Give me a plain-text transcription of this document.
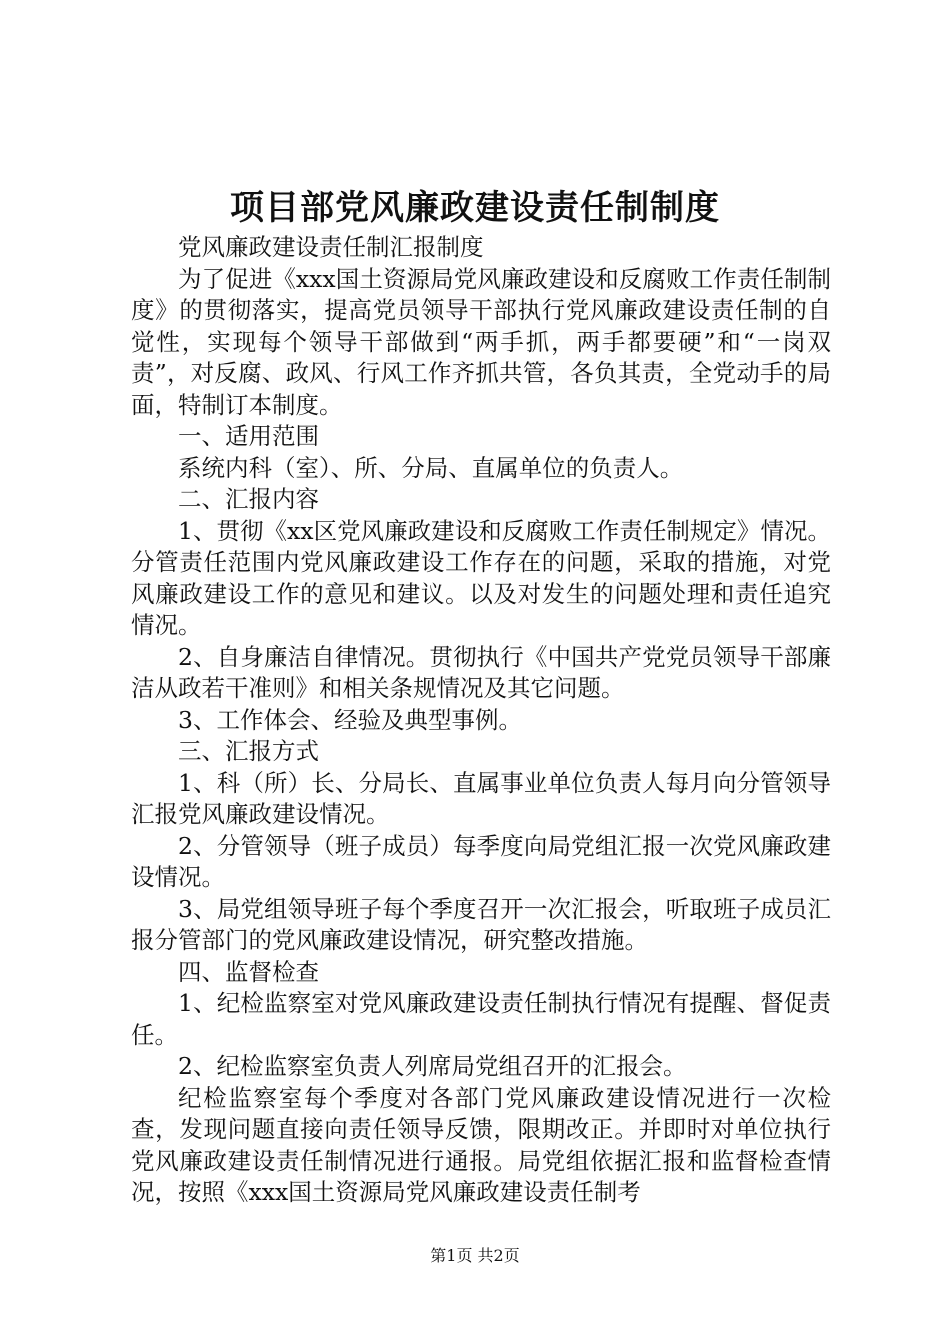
项目部党风廉政建设责任制制度

党风廉政建设责任制汇报制度

为了促进《xxx国土资源局党风廉政建设和反腐败工作责任制制度》的贯彻落实，提高党员领导干部执行党风廉政建设责任制的自觉性，实现每个领导干部做到“两手抓，两手都要硬”和“一岗双责”，对反腐、政风、行风工作齐抓共管，各负其责，全党动手的局面，特制订本制度。

一、适用范围

系统内科（室）、所、分局、直属单位的负责人。

二、汇报内容

1、贯彻《xx区党风廉政建设和反腐败工作责任制规定》情况。分管责任范围内党风廉政建设工作存在的问题，采取的措施，对党风廉政建设工作的意见和建议。以及对发生的问题处理和责任追究情况。

2、自身廉洁自律情况。贯彻执行《中国共产党党员领导干部廉洁从政若干准则》和相关条规情况及其它问题。

3、工作体会、经验及典型事例。

三、汇报方式

1、科（所）长、分局长、直属事业单位负责人每月向分管领导汇报党风廉政建设情况。

2、分管领导（班子成员）每季度向局党组汇报一次党风廉政建设情况。

3、局党组领导班子每个季度召开一次汇报会，听取班子成员汇报分管部门的党风廉政建设情况，研究整改措施。

四、监督检查

1、纪检监察室对党风廉政建设责任制执行情况有提醒、督促责任。

2、纪检监察室负责人列席局党组召开的汇报会。

纪检监察室每个季度对各部门党风廉政建设情况进行一次检查，发现问题直接向责任领导反馈，限期改正。并即时对单位执行党风廉政建设责任制情况进行通报。局党组依据汇报和监督检查情况，按照《xxx国土资源局党风廉政建设责任制考

第1页 共2页
